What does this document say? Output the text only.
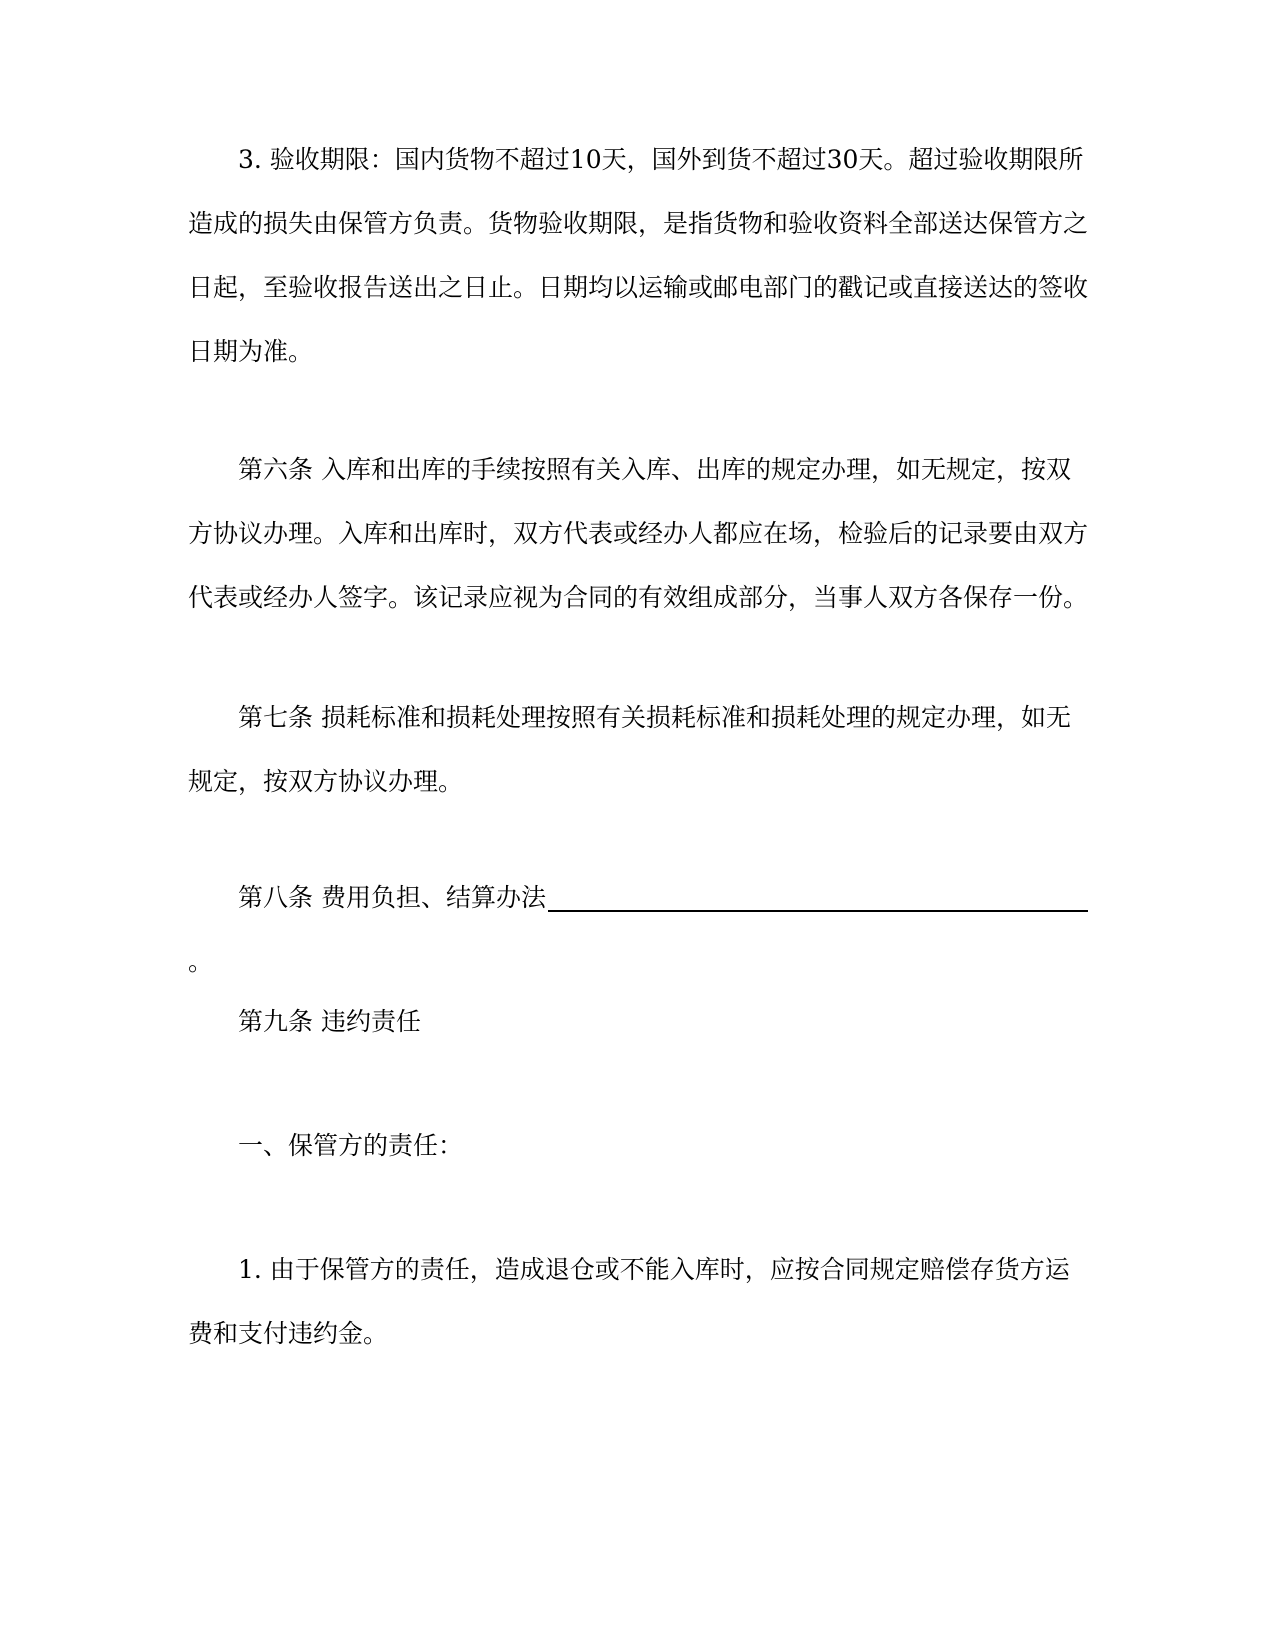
3. 验收期限：国内货物不超过10天，国外到货不超过30天。超过验收期限所造成的损失由保管方负责。货物验收期限，是指货物和验收资料全部送达保管方之日起，至验收报告送出之日止。日期均以运输或邮电部门的戳记或直接送达的签收日期为准。

第六条 入库和出库的手续按照有关入库、出库的规定办理，如无规定，按双方协议办理。入库和出库时，双方代表或经办人都应在场，检验后的记录要由双方代表或经办人签字。该记录应视为合同的有效组成部分，当事人双方各保存一份。

第七条 损耗标准和损耗处理按照有关损耗标准和损耗处理的规定办理，如无规定，按双方协议办理。

第八条 费用负担、结算办法。

第九条 违约责任

一、保管方的责任：

1. 由于保管方的责任，造成退仓或不能入库时，应按合同规定赔偿存货方运费和支付违约金。
